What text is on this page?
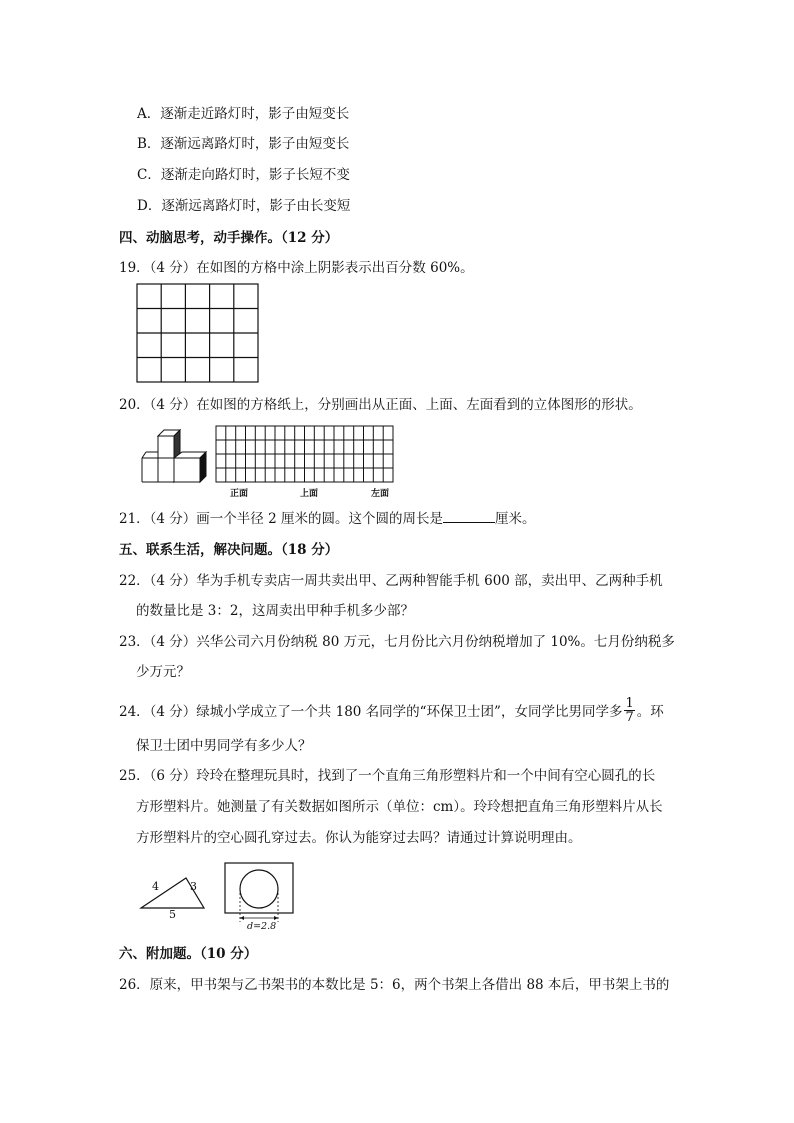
A．逐渐走近路灯时，影子由短变长
B．逐渐远离路灯时，影子由短变长
C．逐渐走向路灯时，影子长短不变
D．逐渐远离路灯时，影子由长变短
四、动脑思考，动手操作。（12 分）
19．（4 分）在如图的方格中涂上阴影表示出百分数 60%。
20．（4 分）在如图的方格纸上，分别画出从正面、上面、左面看到的立体图形的形状。
正面	上面	左面
21．（4 分）画一个半径 2 厘米的圆。这个圆的周长是	厘米。
五、联系生活，解决问题。（18 分）
22．（4 分）华为手机专卖店一周共卖出甲、乙两种智能手机 600 部，卖出甲、乙两种手机
的数量比是 3：2，这周卖出甲种手机多少部？
23．（4 分）兴华公司六月份纳税 80 万元，七月份比六月份纳税增加了 10%。七月份纳税多
少万元？
24．（4 分）绿城小学成立了一个共 180 名同学的“环保卫士团”，女同学比男同学多 $\frac{1}{7}$ 。环
保卫士团中男同学有多少人？
25．（6 分）玲玲在整理玩具时，找到了一个直角三角形塑料片和一个中间有空心圆孔的长
方形塑料片。她测量了有关数据如图所示（单位：cm）。玲玲想把直角三角形塑料片从长
方形塑料片的空心圆孔穿过去。你认为能穿过去吗？请通过计算说明理由。
4	3
5
d=2.8
六、附加题。（10 分）
26．原来，甲书架与乙书架书的本数比是 5：6，两个书架上各借出 88 本后，甲书架上书的
